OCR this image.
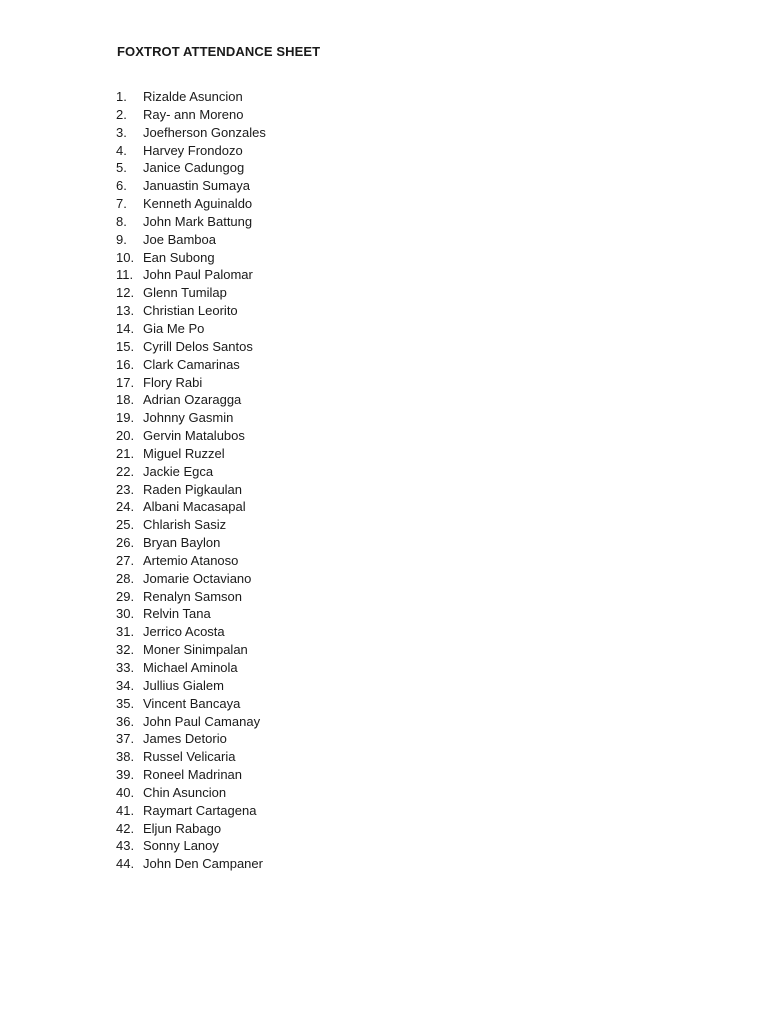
FOXTROT ATTENDANCE SHEET
1. Rizalde Asuncion
2. Ray- ann Moreno
3. Joefherson Gonzales
4. Harvey Frondozo
5. Janice Cadungog
6. Januastin Sumaya
7. Kenneth Aguinaldo
8. John Mark Battung
9. Joe Bamboa
10. Ean Subong
11. John Paul Palomar
12. Glenn Tumilap
13. Christian Leorito
14. Gia Me Po
15. Cyrill Delos Santos
16. Clark Camarinas
17. Flory Rabi
18. Adrian Ozaragga
19. Johnny Gasmin
20. Gervin Matalubos
21. Miguel Ruzzel
22. Jackie Egca
23. Raden Pigkaulan
24. Albani Macasapal
25. Chlarish Sasiz
26. Bryan Baylon
27. Artemio Atanoso
28. Jomarie Octaviano
29. Renalyn Samson
30. Relvin Tana
31. Jerrico Acosta
32. Moner Sinimpalan
33. Michael Aminola
34. Jullius Gialem
35. Vincent Bancaya
36. John Paul Camanay
37. James Detorio
38. Russel Velicaria
39. Roneel Madrinan
40. Chin Asuncion
41. Raymart Cartagena
42. Eljun Rabago
43. Sonny Lanoy
44. John Den Campaner
